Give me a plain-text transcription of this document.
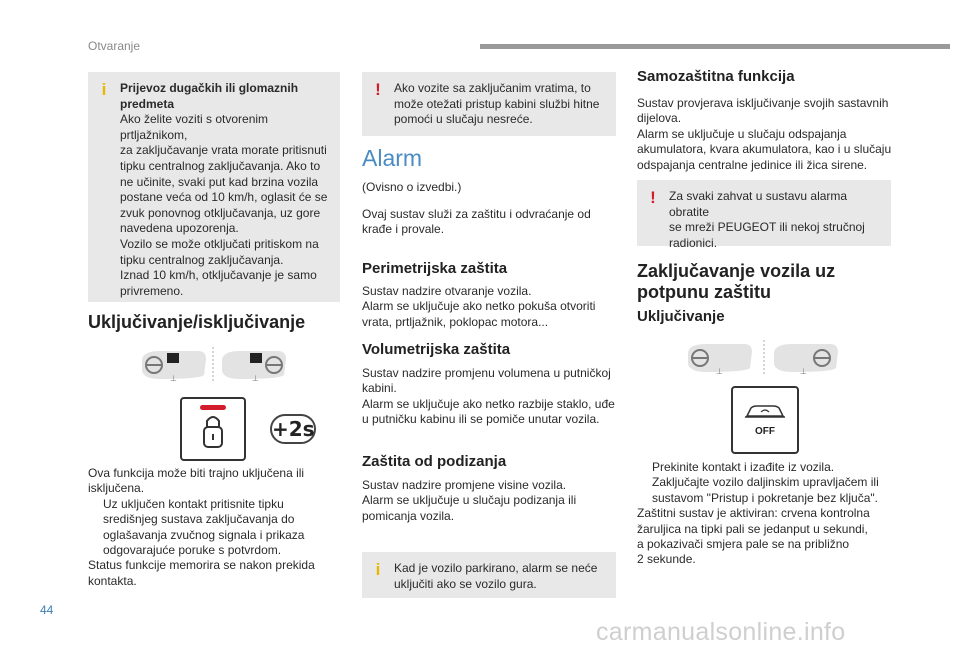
Otvaranje
i Prijevoz dugačkih ili glomaznih predmeta
Ako želite voziti s otvorenim prtljažnikom,
za zaključavanje vrata morate pritisnuti
tipku centralnog zaključavanja. Ako to
ne učinite, svaki put kad brzina vozila
postane veća od 10 km/h, oglasit će se
zvuk ponovnog otključavanja, uz gore
navedena upozorenja.
Vozilo se može otključati pritiskom na
tipku centralnog zaključavanja.
Iznad 10 km/h, otključavanje je samo
privremeno.
Uključivanje/isključivanje
⊥	⊥
+2s
Ova funkcija može biti trajno uključena ili
isključena.
Uz uključen kontakt pritisnite tipku
središnjeg sustava zaključavanja do
oglašavanja zvučnog signala i prikaza
odgovarajuće poruke s potvrdom.
Status funkcije memorira se nakon prekida
kontakta.
! Ako vozite sa zaključanim vratima, to
može otežati pristup kabini službi hitne
pomoći u slučaju nesreće.
Alarm
(Ovisno o izvedbi.)
Ovaj sustav služi za zaštitu i odvraćanje od
krađe i provale.
Perimetrijska zaštita
Sustav nadzire otvaranje vozila.
Alarm se uključuje ako netko pokuša otvoriti
vrata, prtljažnik, poklopac motora...
Volumetrijska zaštita
Sustav nadzire promjenu volumena u putničkoj
kabini.
Alarm se uključuje ako netko razbije staklo, uđe
u putničku kabinu ili se pomiče unutar vozila.
Zaštita od podizanja
Sustav nadzire promjene visine vozila.
Alarm se uključuje u slučaju podizanja ili
pomicanja vozila.
i Kad je vozilo parkirano, alarm se neće
uključiti ako se vozilo gura.
Samozaštitna funkcija
Sustav provjerava isključivanje svojih sastavnih
dijelova.
Alarm se uključuje u slučaju odspajanja
akumulatora, kvara akumulatora, kao i u slučaju
odspajanja centralne jedinice ili žica sirene.
! Za svaki zahvat u sustavu alarma obratite
se mreži PEUGEOT ili nekoj stručnoj
radionici.
Zaključavanje vozila uz
potpunu zaštitu
Uključivanje
⊥	⊥
OFF
Prekinite kontakt i izađite iz vozila.
Zaključajte vozilo daljinskim upravljačem ili
sustavom "Pristup i pokretanje bez ključa".
Zaštitni sustav je aktiviran: crvena kontrolna
žaruljica na tipki pali se jedanput u sekundi,
a pokazivači smjera pale se na približno
2 sekunde.
44
carmanualsonline.info
